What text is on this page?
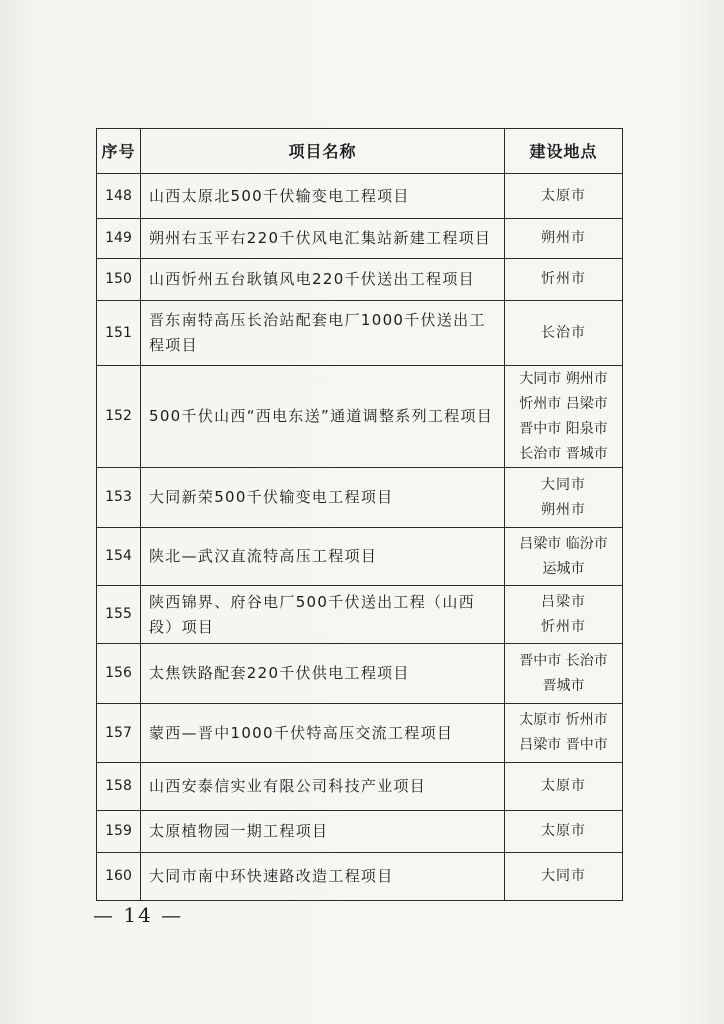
序号	项目名称	建设地点
148	山西太原北500千伏输变电工程项目	太原市

149	朔州右玉平右220千伏风电汇集站新建工程项目	朔州市

150	山西忻州五台耿镇风电220千伏送出工程项目	忻州市

151	晋东南特高压长治站配套电厂1000千伏送出工程项目	长治市

152	500千伏山西“西电东送”通道调整系列工程项目	大同市 朔州市
忻州市 吕梁市
晋中市 阳泉市
长治市 晋城市

153	大同新荣500千伏输变电工程项目	大同市
朔州市

154	陕北—武汉直流特高压工程项目	吕梁市 临汾市
运城市

155	陕西锦界、府谷电厂500千伏送出工程（山西段）项目	吕梁市
忻州市

156	太焦铁路配套220千伏供电工程项目	晋中市 长治市
晋城市

157	蒙西—晋中1000千伏特高压交流工程项目	太原市 忻州市
吕梁市 晋中市

158	山西安泰信实业有限公司科技产业项目	太原市

159	太原植物园一期工程项目	太原市

160	大同市南中环快速路改造工程项目	大同市
— 14 —
